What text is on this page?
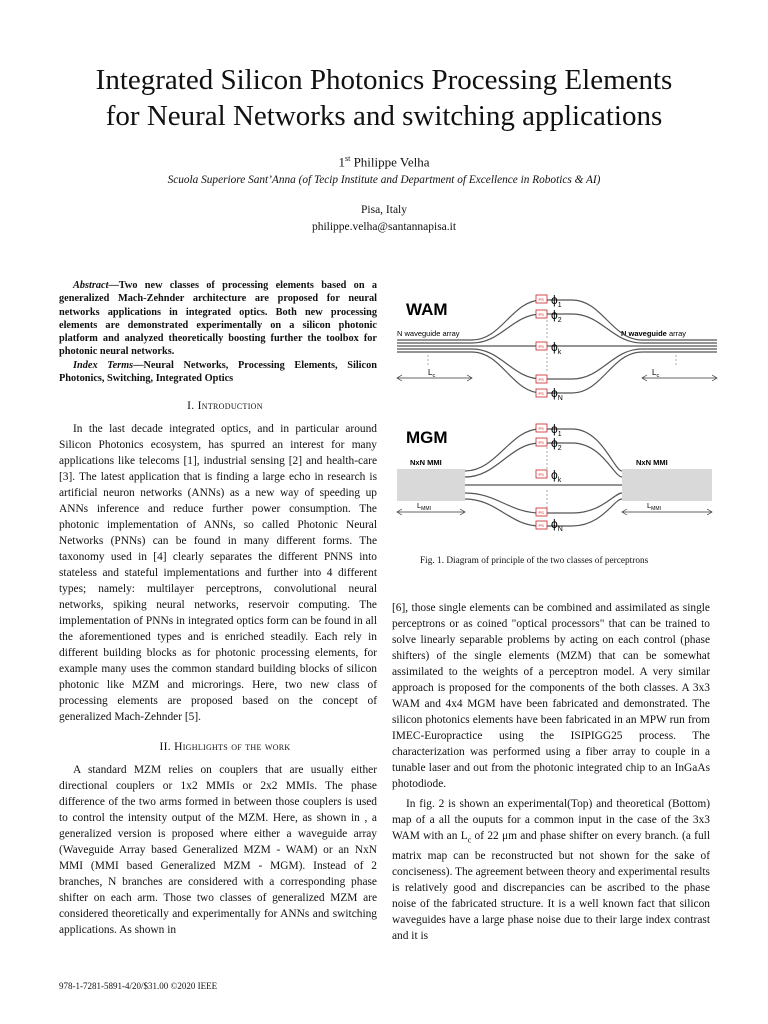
Integrated Silicon Photonics Processing Elements
for Neural Networks and switching applications
1st Philippe Velha
Scuola Superiore Sant’Anna (of Tecip Institute and Department of Excellence in Robotics & AI)
Pisa, Italy
philippe.velha@santannapisa.it

Abstract—Two new classes of processing elements based on a generalized Mach-Zehnder architecture are proposed for neural networks applications in integrated optics. Both new processing elements are demonstrated experimentally on a silicon photonic platform and analyzed theoretically boosting further the toolbox for photonic neural networks.

Index Terms—Neural Networks, Processing Elements, Silicon Photonics, Switching, Integrated Optics

I. Introduction

In the last decade integrated optics, and in particular around Silicon Photonics ecosystem, has spurred an interest for many applications like telecoms [1], industrial sensing [2] and health-care [3]. The latest application that is finding a large echo in research is artificial neuron networks (ANNs) as a new way of speeding up ANNs inference and reduce further power consumption. The photonic implementation of ANNs, so called Photonic Neural Networks (PNNs) can be found in many different forms. The taxonomy used in [4] clearly separates the different PNNS into stateless and stateful implementations and further into 4 different types; namely: multilayer perceptrons, convolutional neural networks, spiking neural networks, reservoir computing. The implementation of PNNs in integrated optics form can be found in all the aforementioned types and is enriched steadily. Each rely in different building blocks as for photonic processing elements, for example many uses the common standard building blocks of silicon photonic like MZM and microrings. Here, two new class of processing elements are proposed based on the concept of generalized Mach-Zehnder [5].

II. Highlights of the work

A standard MZM relies on couplers that are usually either directional couplers or 1x2 MMIs or 2x2 MMIs. The phase difference of the two arms formed in between those couplers is used to control the intensity output of the MZM. Here, as shown in , a generalized version is proposed where either a waveguide array (Waveguide Array based Generalized MZM - WAM) or an NxN MMI (MMI based Generalized MZM - MGM). Instead of 2 branches, N branches are considered with a corresponding phase shifter on each arm. Those two classes of generalized MZM are considered theoretically and experimentally for ANNs and switching applications. As shown in

WAM
N waveguide array	N waveguide array
$L_c$	$L_c$
PS
PS
PS
PS
PS
$\phi_1$
$\phi_2$
$\phi_k$
$\phi_N$
MGM
NxN MMI	NxN MMI
$L_{MMI}$	$L_{MMI}$
PS
PS
PS
PS
PS
$\phi_1$
$\phi_2$
$\phi_k$
$\phi_N$
Fig. 1. Diagram of principle of the two classes of perceptrons

[6], those single elements can be combined and assimilated as single perceptrons or as coined "optical processors" that can be trained to solve linearly separable problems by acting on each control (phase shifters) of the single elements (MZM) that can be somewhat assimilated to the weights of a perceptron model. A very similar approach is proposed for the components of the both classes. A 3x3 WAM and 4x4 MGM have been fabricated and demonstrated. The silicon photonics elements have been fabricated in an MPW run from IMEC-Europractice using the ISIPIGG25 process. The characterization was performed using a fiber array to couple in a tunable laser and out from the photonic integrated chip to an InGaAs photodiode.

In fig. 2 is shown an experimental(Top) and theoretical (Bottom) map of a all the ouputs for a common input in the case of the 3x3 WAM with an $L_c$ of 22 μm and phase shifter on every branch. (a full matrix map can be reconstructed but not shown for the sake of conciseness). The agreement between theory and experimental results is relatively good and discrepancies can be ascribed to the phase noise of the fabricated structure. It is a well known fact that silicon waveguides have a large phase noise due to their large index contrast and it is

978-1-7281-5891-4/20/$31.00 ©2020 IEEE
